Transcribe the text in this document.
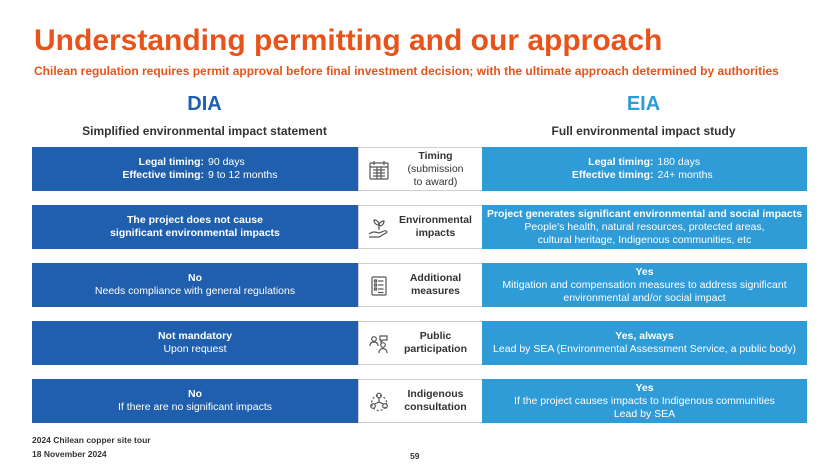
Understanding permitting and our approach
Chilean regulation requires permit approval before final investment decision; with the ultimate approach determined by authorities
DIA
Simplified environmental impact statement
EIA
Full environmental impact study
Legal timing: 90 days
Effective timing: 9 to 12 months
Timing
(submission
to award)
Legal timing: 180 days
Effective timing: 24+ months
The project does not cause
significant environmental impacts
Environmental
impacts
Project generates significant environmental and social impacts
People's health, natural resources, protected areas,
cultural heritage, Indigenous communities, etc
No
Needs compliance with general regulations
Additional
measures
Yes
Mitigation and compensation measures to address significant
environmental and/or social impact
Not mandatory
Upon request
Public
participation
Yes, always
Lead by SEA (Environmental Assessment Service, a public body)
No
If there are no significant impacts
Indigenous
consultation
Yes
If the project causes impacts to Indigenous communities
Lead by SEA
2024 Chilean copper site tour
18 November 2024	59
